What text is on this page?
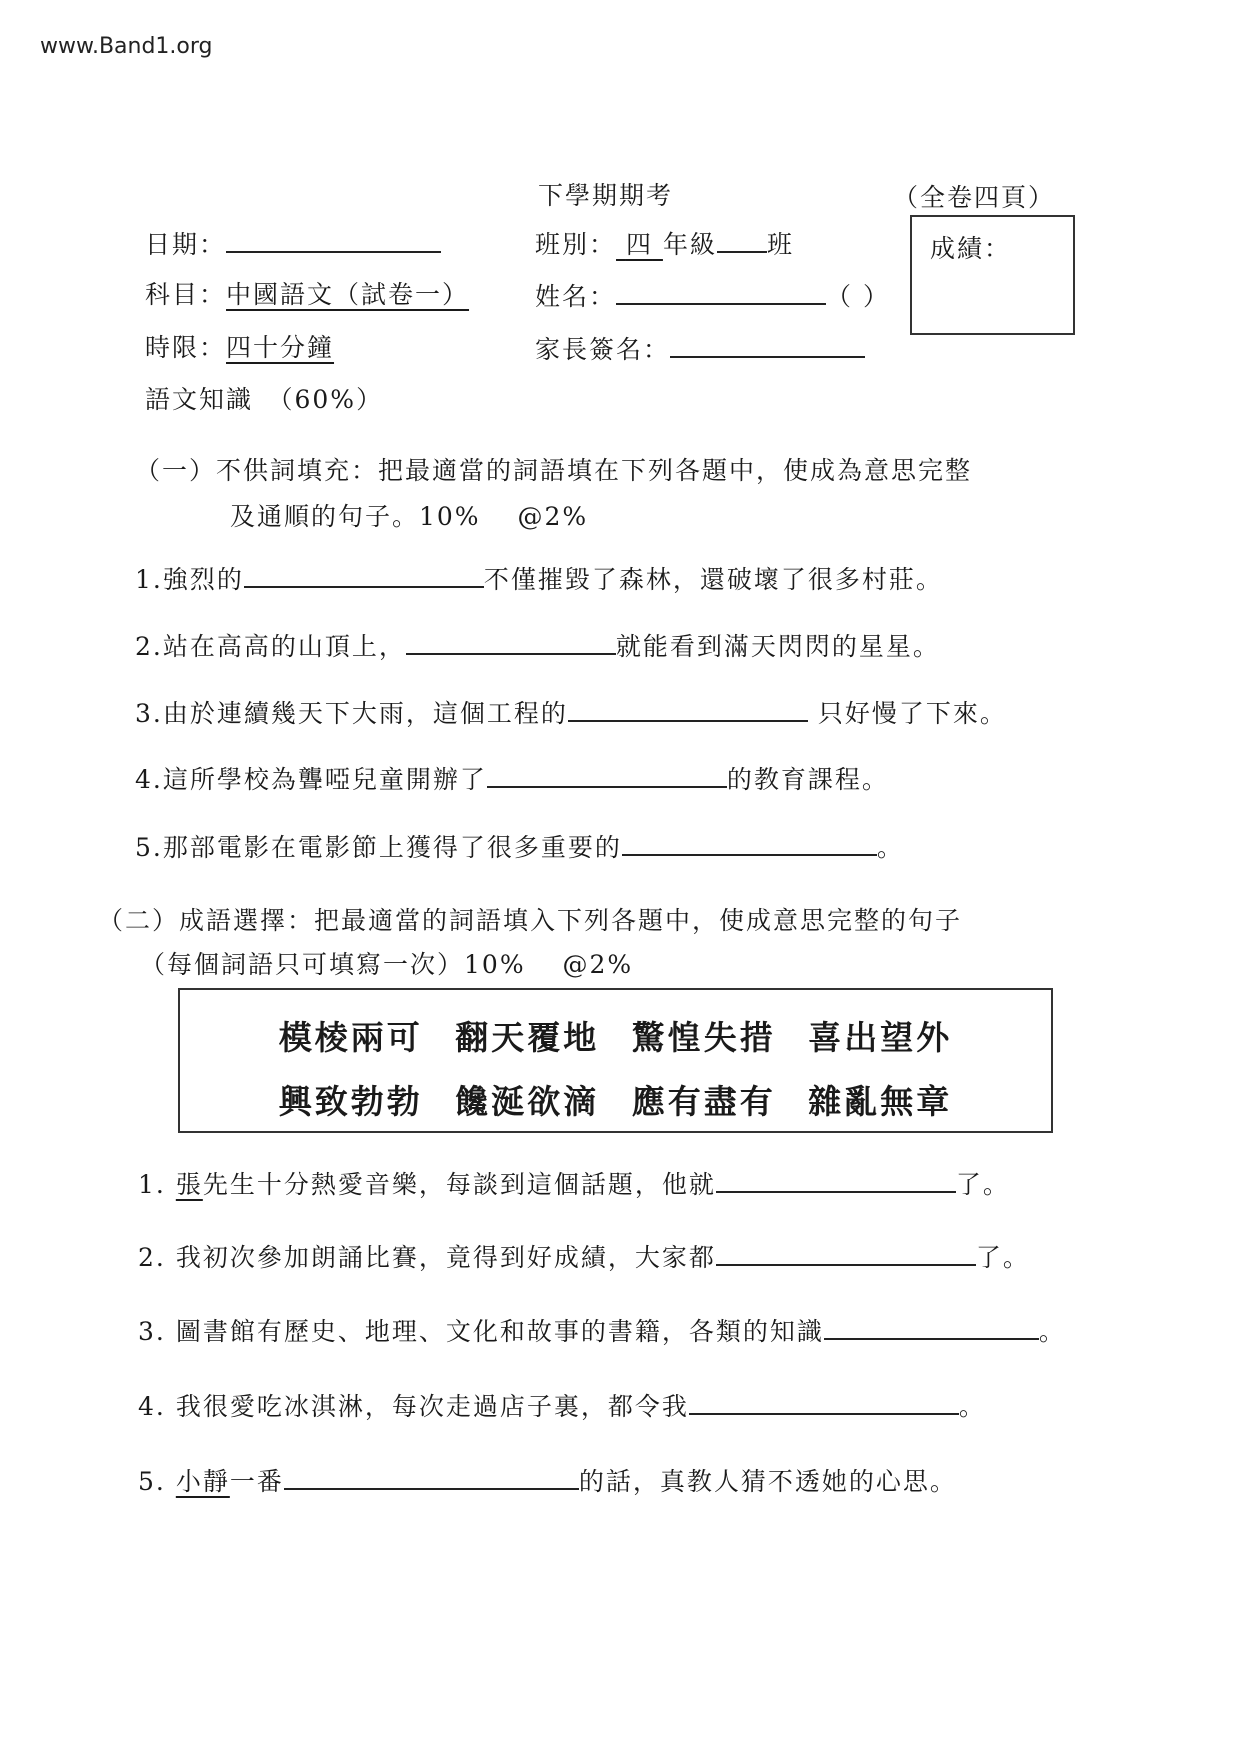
www.Band1.org
下學期期考	（全卷四頁）
日期：	班別： 四 年級 班	成績：
科目：中國語文（試卷一）	姓名：	（ ）
時限：四十分鐘	家長簽名：
語文知識　（60%）
（一）不供詞填充：把最適當的詞語填在下列各題中，使成為意思完整
及通順的句子。10%　 @2%
1.強烈的	不僅摧毀了森林，還破壞了很多村莊。
2.站在高高的山頂上，	就能看到滿天閃閃的星星。
3.由於連續幾天下大雨，這個工程的	只好慢了下來。
4.這所學校為聾啞兒童開辦了	的教育課程。
5.那部電影在電影節上獲得了很多重要的	。
（二）成語選擇：把最適當的詞語填入下列各題中，使成意思完整的句子
（每個詞語只可填寫一次）10%　 @2%
模棱兩可 翻天覆地 驚惶失措 喜出望外
興致勃勃 饞涎欲滴 應有盡有 雜亂無章
1. 張先生十分熱愛音樂，每談到這個話題，他就	了。
2. 我初次參加朗誦比賽，竟得到好成績，大家都	了。
3. 圖書館有歷史、地理、文化和故事的書籍，各類的知識	。
4. 我很愛吃冰淇淋，每次走過店子裏，都令我	。
5. 小靜一番	的話，真教人猜不透她的心思。
